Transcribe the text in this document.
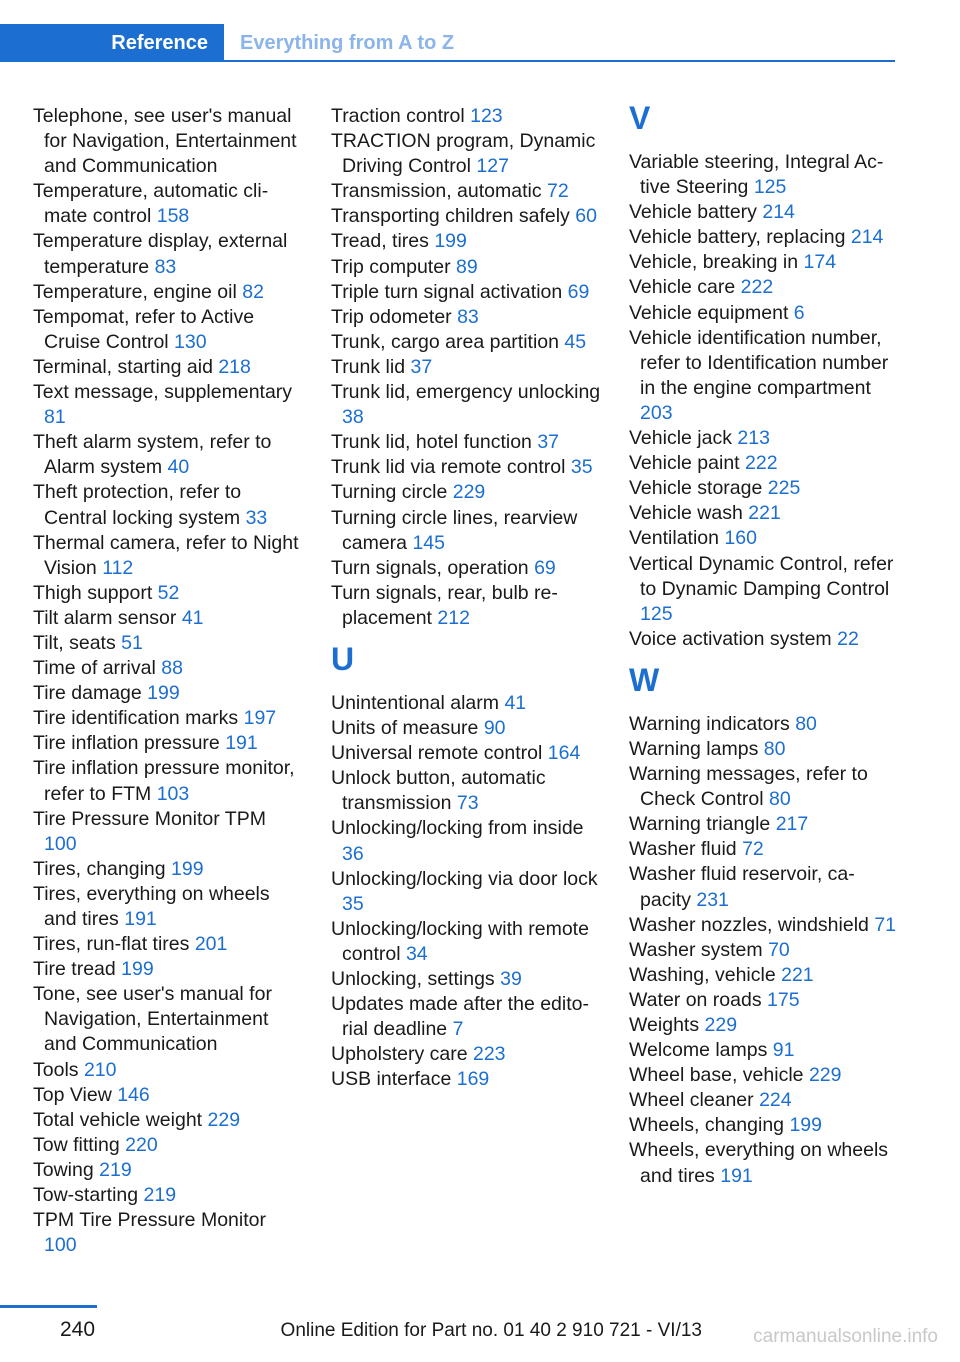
Reference	Everything from A to Z
Telephone, see user's manual for Navigation, Entertainment and Communication
Temperature, automatic climate control 158
Temperature display, external temperature 83
Temperature, engine oil 82
Tempomat, refer to Active Cruise Control 130
Terminal, starting aid 218
Text message, supplementary 81
Theft alarm system, refer to Alarm system 40
Theft protection, refer to Central locking system 33
Thermal camera, refer to Night Vision 112
Thigh support 52
Tilt alarm sensor 41
Tilt, seats 51
Time of arrival 88
Tire damage 199
Tire identification marks 197
Tire inflation pressure 191
Tire inflation pressure monitor, refer to FTM 103
Tire Pressure Monitor TPM 100
Tires, changing 199
Tires, everything on wheels and tires 191
Tires, run-flat tires 201
Tire tread 199
Tone, see user's manual for Navigation, Entertainment and Communication
Tools 210
Top View 146
Total vehicle weight 229
Tow fitting 220
Towing 219
Tow-starting 219
TPM Tire Pressure Monitor 100
Traction control 123
TRACTION program, Dynamic Driving Control 127
Transmission, automatic 72
Transporting children safely 60
Tread, tires 199
Trip computer 89
Triple turn signal activation 69
Trip odometer 83
Trunk, cargo area partition 45
Trunk lid 37
Trunk lid, emergency unlocking 38
Trunk lid, hotel function 37
Trunk lid via remote control 35
Turning circle 229
Turning circle lines, rearview camera 145
Turn signals, operation 69
Turn signals, rear, bulb replacement 212
U
Unintentional alarm 41
Units of measure 90
Universal remote control 164
Unlock button, automatic transmission 73
Unlocking/locking from inside 36
Unlocking/locking via door lock 35
Unlocking/locking with remote control 34
Unlocking, settings 39
Updates made after the editorial deadline 7
Upholstery care 223
USB interface 169
V
Variable steering, Integral Active Steering 125
Vehicle battery 214
Vehicle battery, replacing 214
Vehicle, breaking in 174
Vehicle care 222
Vehicle equipment 6
Vehicle identification number, refer to Identification number in the engine compartment 203
Vehicle jack 213
Vehicle paint 222
Vehicle storage 225
Vehicle wash 221
Ventilation 160
Vertical Dynamic Control, refer to Dynamic Damping Control 125
Voice activation system 22
W
Warning indicators 80
Warning lamps 80
Warning messages, refer to Check Control 80
Warning triangle 217
Washer fluid 72
Washer fluid reservoir, capacity 231
Washer nozzles, windshield 71
Washer system 70
Washing, vehicle 221
Water on roads 175
Weights 229
Welcome lamps 91
Wheel base, vehicle 229
Wheel cleaner 224
Wheels, changing 199
Wheels, everything on wheels and tires 191
240	Online Edition for Part no. 01 40 2 910 721 - VI/13	carmanualsonline.info
